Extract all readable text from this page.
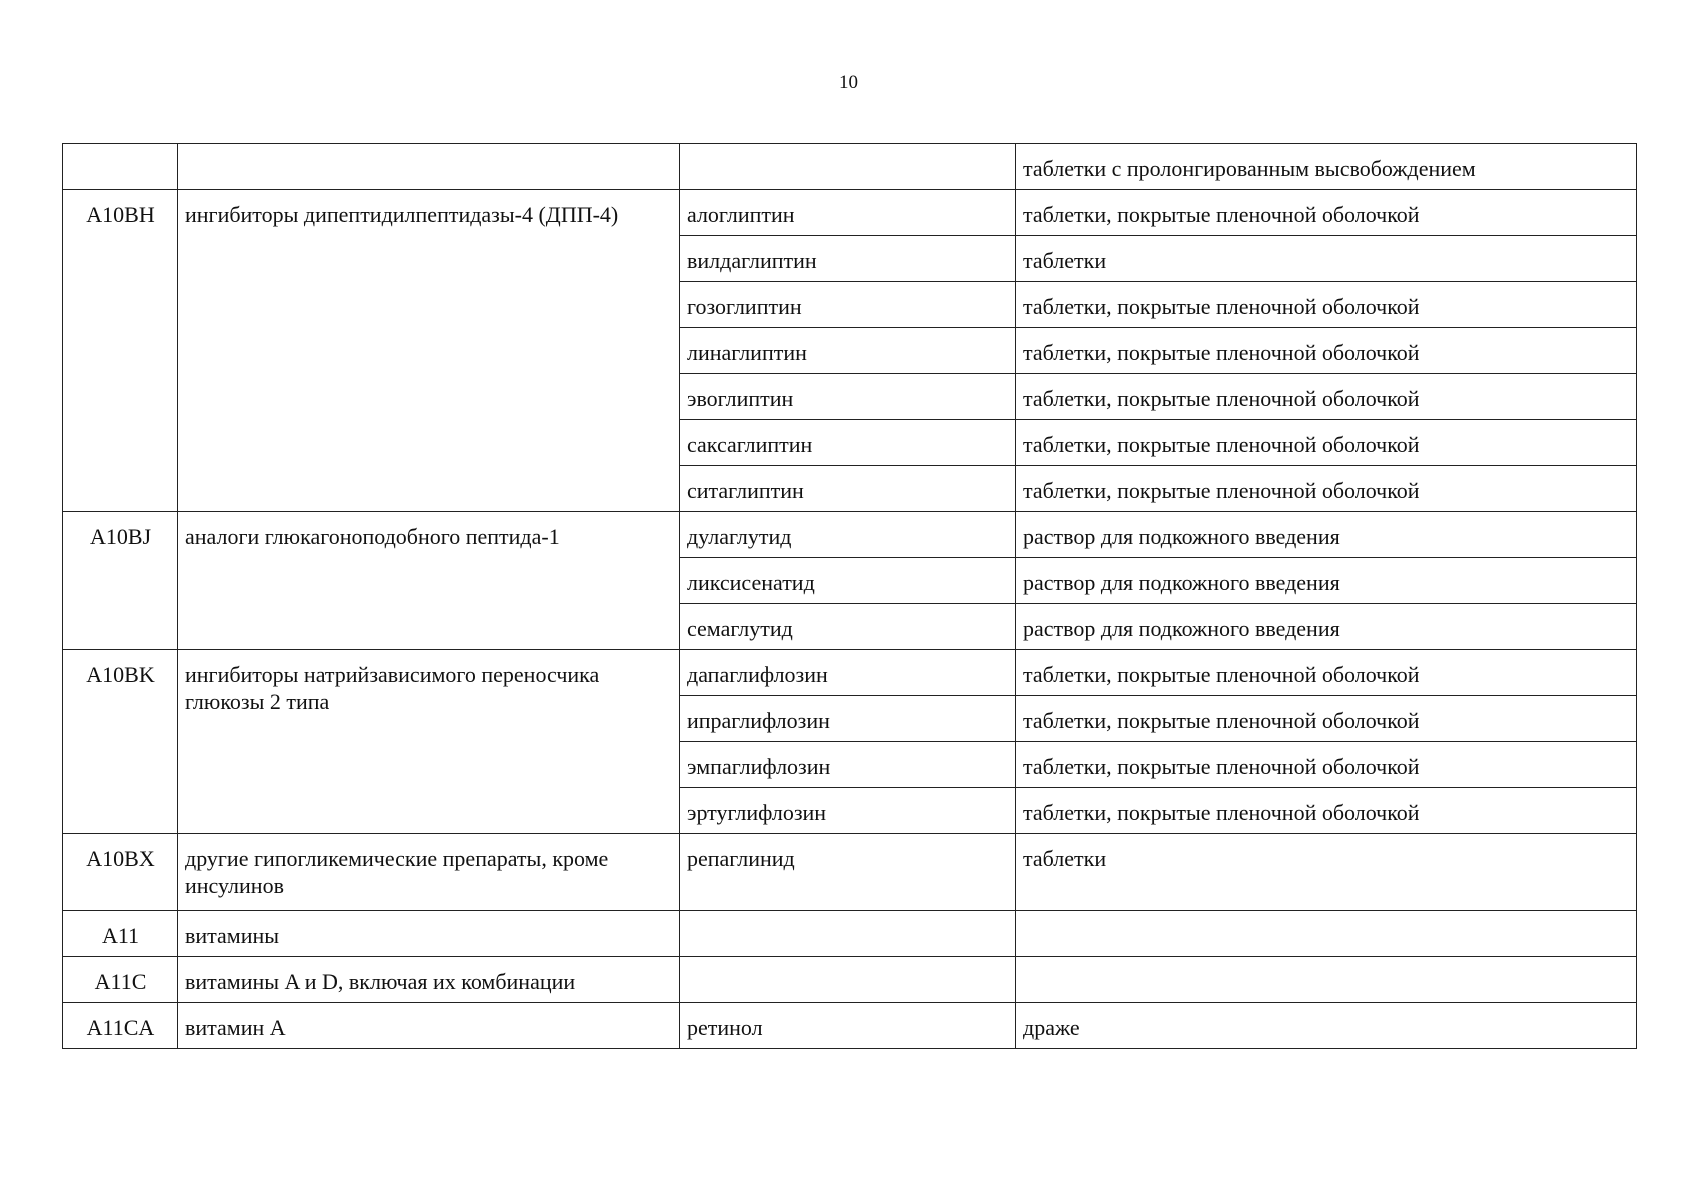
10
			таблетки с пролонгированным высвобождением
A10BH	ингибиторы дипептидилпептидазы-4 (ДПП-4)	алоглиптин	таблетки, покрытые пленочной оболочкой
		вилдаглиптин	таблетки
		гозоглиптин	таблетки, покрытые пленочной оболочкой
		линаглиптин	таблетки, покрытые пленочной оболочкой
		эвоглиптин	таблетки, покрытые пленочной оболочкой
		саксаглиптин	таблетки, покрытые пленочной оболочкой
		ситаглиптин	таблетки, покрытые пленочной оболочкой
A10BJ	аналоги глюкагоноподобного пептида-1	дулаглутид	раствор для подкожного введения
		ликсисенатид	раствор для подкожного введения
		семаглутид	раствор для подкожного введения
A10BK	ингибиторы натрийзависимого переносчика глюкозы 2 типа	дапаглифлозин	таблетки, покрытые пленочной оболочкой
		ипраглифлозин	таблетки, покрытые пленочной оболочкой
		эмпаглифлозин	таблетки, покрытые пленочной оболочкой
		эртуглифлозин	таблетки, покрытые пленочной оболочкой
A10BX	другие гипогликемические препараты, кроме инсулинов	репаглинид	таблетки
A11	витамины		
A11C	витамины A и D, включая их комбинации		
A11CA	витамин A	ретинол	драже
